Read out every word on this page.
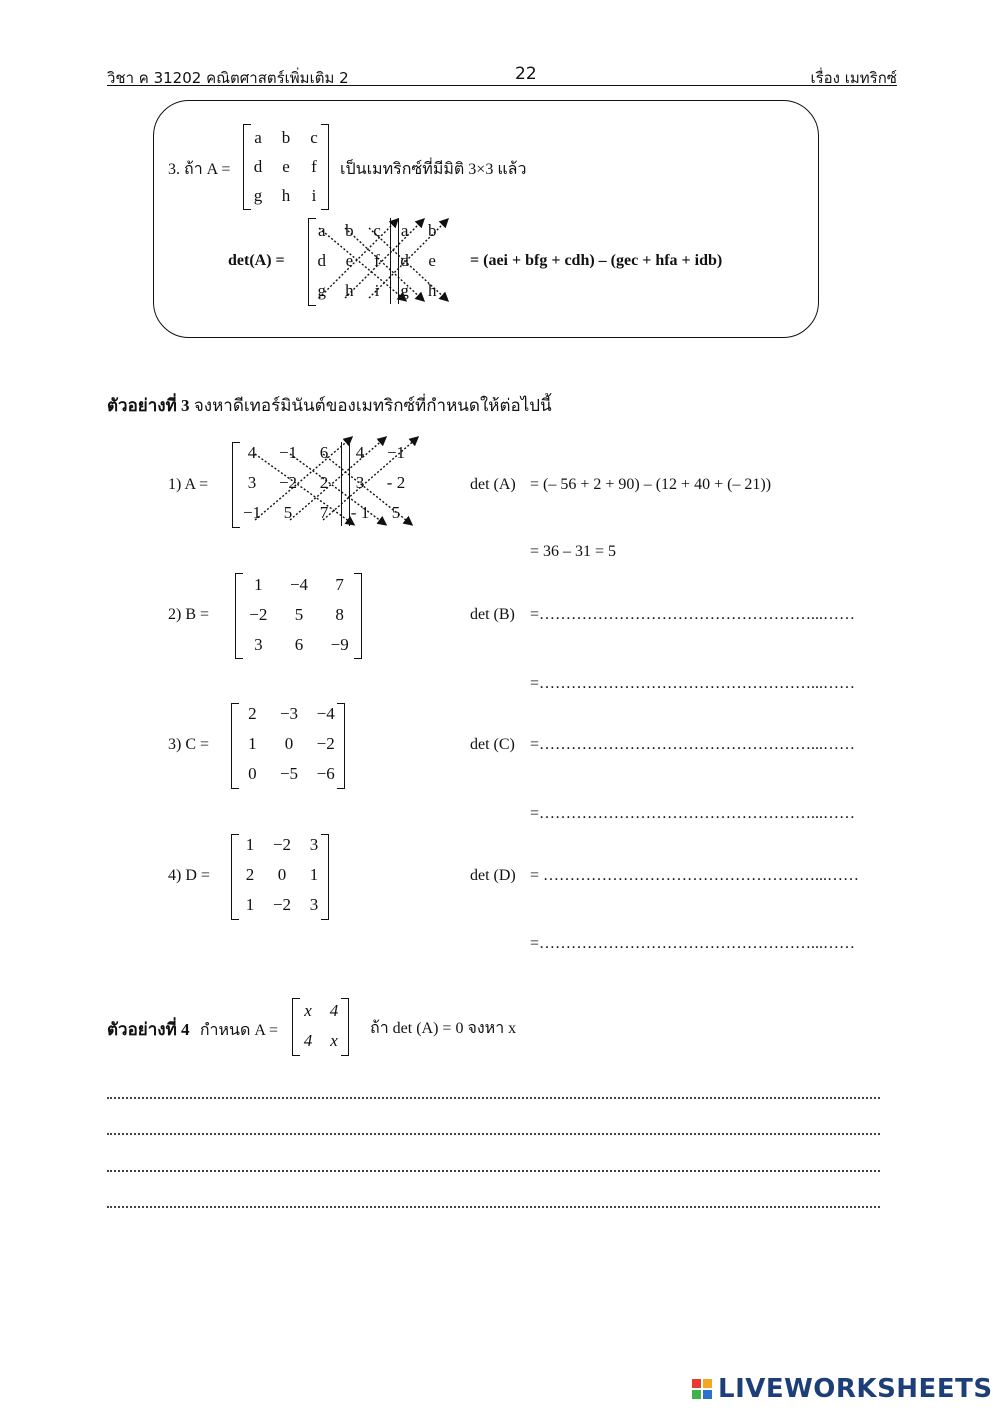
วิชา ค 31202 คณิตศาสตร์เพิ่มเติม 2	22	เรื่อง เมทริกซ์
3. ถ้า A =
a b c
d e f
g h i
เป็นเมทริกซ์ที่มีมิติ 3×3 แล้ว
det(A) =
a b c a b
d e f d e
g h i g h
= (aei + bfg + cdh) – (gec + hfa + idb)
ตัวอย่างที่ 3 จงหาดีเทอร์มินันต์ของเมทริกซ์ที่กำหนดให้ต่อไปนี้
1) A =
4 −1 6 4 −1
3 −2 2 3 - 2
−1 5 7 - 1 5
det (A) = (– 56 + 2 + 90) – (12 + 40 + (– 21))
= 36 – 31 = 5
2) B =
1 −4 7
−2 5 8
3 6 −9
det (B) =……………………………………………...……
=……………………………………………...……
3) C =
2 −3 −4
1 0 −2
0 −5 −6
det (C) =……………………………………………...……
=……………………………………………...……
4) D =
1 −2 3
2 0 1
1 −2 3
det (D) = ……………………………………………...……
=……………………………………………...……
ตัวอย่างที่ 4 กำหนด A =
x 4
4 x
ถ้า det (A) = 0 จงหา x
LIVEWORKSHEETS
